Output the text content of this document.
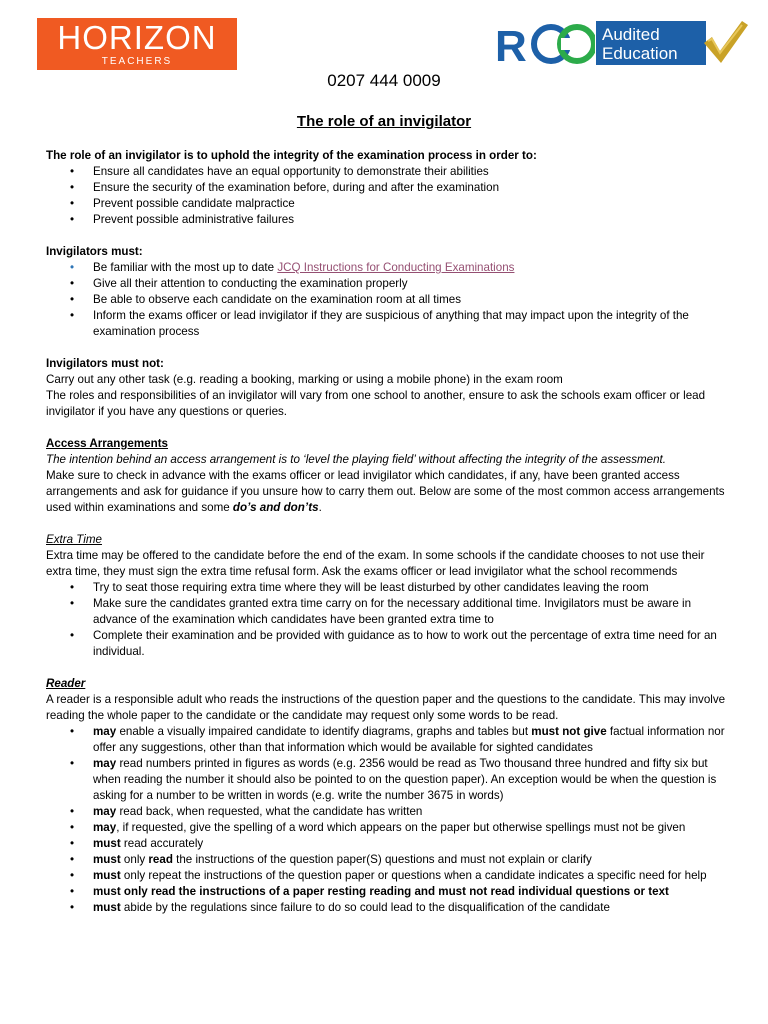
HORIZON
TEACHERS	R	Audited
Education
0207 444 0009
The role of an invigilator

The role of an invigilator is to uphold the integrity of the examination process in order to:

• Ensure all candidates have an equal opportunity to demonstrate their abilities
• Ensure the security of the examination before, during and after the examination
• Prevent possible candidate malpractice
• Prevent possible administrative failures

Invigilators must:

• Be familiar with the most up to date JCQ Instructions for Conducting Examinations
• Give all their attention to conducting the examination properly
• Be able to observe each candidate on the examination room at all times
• Inform the exams officer or lead invigilator if they are suspicious of anything that may impact upon the integrity of the examination process

Invigilators must not:

Carry out any other task (e.g. reading a booking, marking or using a mobile phone) in the exam room

The roles and responsibilities of an invigilator will vary from one school to another, ensure to ask the schools exam officer or lead invigilator if you have any questions or queries.

Access Arrangements

The intention behind an access arrangement is to ‘level the playing field’ without affecting the integrity of the assessment.

Make sure to check in advance with the exams officer or lead invigilator which candidates, if any, have been granted access arrangements and ask for guidance if you unsure how to carry them out. Below are some of the most common access arrangements used within examinations and some do’s and don’ts.

Extra Time

Extra time may be offered to the candidate before the end of the exam. In some schools if the candidate chooses to not use their extra time, they must sign the extra time refusal form. Ask the exams officer or lead invigilator what the school recommends

• Try to seat those requiring extra time where they will be least disturbed by other candidates leaving the room
• Make sure the candidates granted extra time carry on for the necessary additional time. Invigilators must be aware in advance of the examination which candidates have been granted extra time to
• Complete their examination and be provided with guidance as to how to work out the percentage of extra time need for an individual.

Reader

A reader is a responsible adult who reads the instructions of the question paper and the questions to the candidate. This may involve reading the whole paper to the candidate or the candidate may request only some words to be read.

• may enable a visually impaired candidate to identify diagrams, graphs and tables but must not give factual information nor offer any suggestions, other than that information which would be available for sighted candidates
• may read numbers printed in figures as words (e.g. 2356 would be read as Two thousand three hundred and fifty six but when reading the number it should also be pointed to on the question paper). An exception would be when the question is asking for a number to be written in words (e.g. write the number 3675 in words)
• may read back, when requested, what the candidate has written
• may, if requested, give the spelling of a word which appears on the paper but otherwise spellings must not be given
• must read accurately
• must only read the instructions of the question paper(S) questions and must not explain or clarify
• must only repeat the instructions of the question paper or questions when a candidate indicates a specific need for help
• must only read the instructions of a paper resting reading and must not read individual questions or text
• must abide by the regulations since failure to do so could lead to the disqualification of the candidate
